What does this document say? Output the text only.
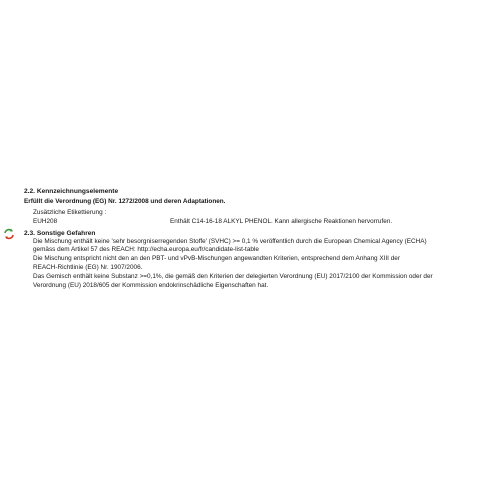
2.2. Kennzeichnungselemente
Erfüllt die Verordnung (EG) Nr. 1272/2008 und deren Adaptationen.
Zusätzliche Etikettierung :
EUH208	Enthält C14-16-18 ALKYL PHENOL. Kann allergische Reaktionen hervorrufen.
2.3. Sonstige Gefahren
Die Mischung enthält keine 'sehr besorgniserregenden Stoffe' (SVHC) >= 0,1 % veröffentlich durch die European Chemical Agency (ECHA)
gemäss dem Artikel 57 des REACH: http://echa.europa.eu/fr/candidate-list-table
Die Mischung entspricht nicht den an den PBT- und vPvB-Mischungen angewandten Kriterien, entsprechend dem Anhang XIII der
REACH-Richtlinie (EG) Nr. 1907/2006.
Das Gemisch enthält keine Substanz >=0,1%, die gemäß den Kriterien der delegierten Verordnung (EU) 2017/2100 der Kommission oder der
Verordnung (EU) 2018/605 der Kommission endokrinschädliche Eigenschaften hat.
